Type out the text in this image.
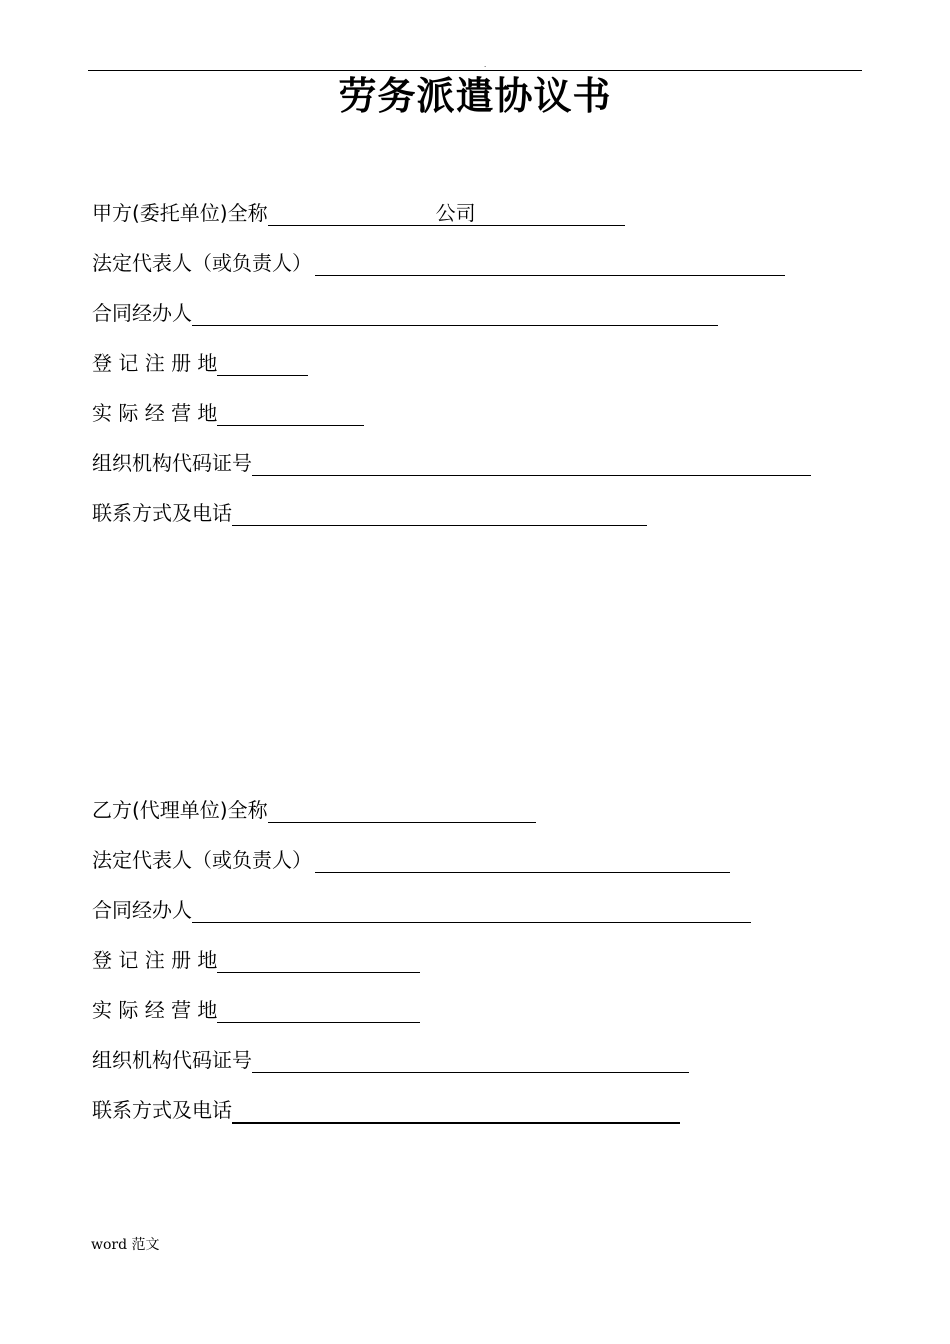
.
劳务派遣协议书
甲方(委托单位)全称	公司
法定代表人（或负责人）
合同经办人
登 记 注 册 地
实 际 经 营 地
组织机构代码证号
联系方式及电话
乙方(代理单位)全称
法定代表人（或负责人）
合同经办人
登 记 注 册 地
实 际 经 营 地
组织机构代码证号
联系方式及电话
word 范文
